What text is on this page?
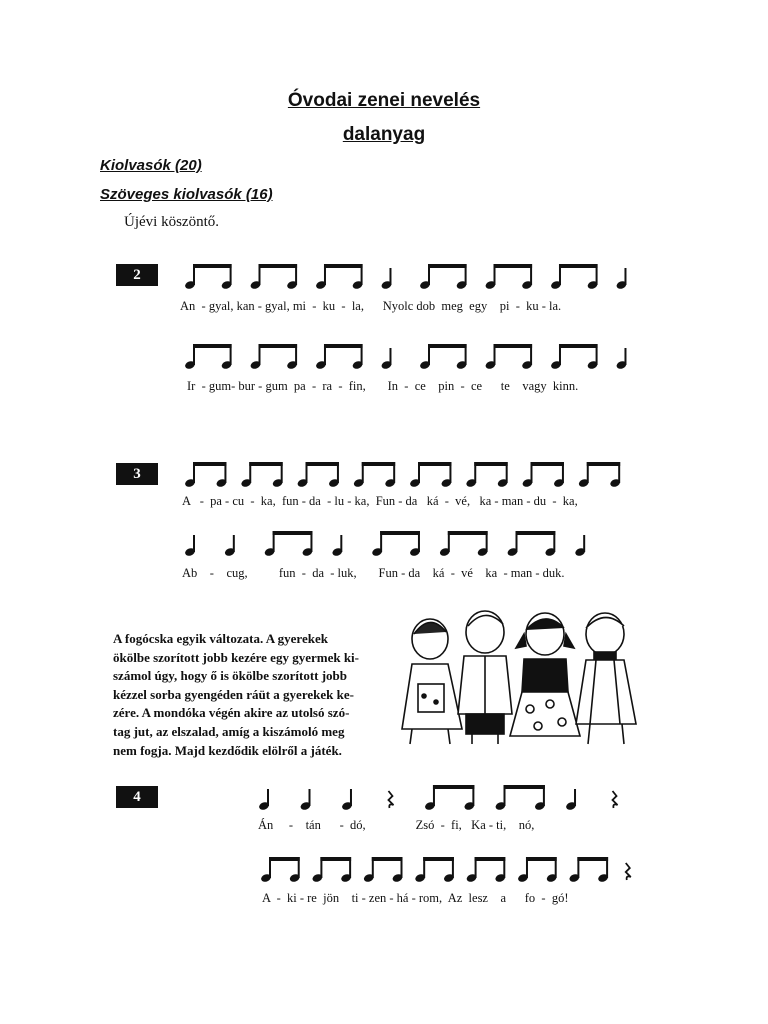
Óvodai zenei nevelés
dalanyag
Kiolvasók (20)
Szöveges kiolvasók (16)
Újévi köszöntő.
2
An  - gyal, kan - gyal, mi  -  ku  -  la,      Nyolc dob  meg  egy    pi  -  ku - la.
Ir  - gum- bur - gum  pa  -  ra  -  fin,       In  -  ce    pin  -  ce      te    vagy  kinn.
3
A   -  pa - cu  -  ka,  fun - da  - lu - ka,  Fun - da   ká  -  vé,   ka - man - du  -  ka,
Ab    -    cug,          fun  -  da  - luk,       Fun - da    ká  -  vé    ka  - man - duk.
A fogócska egyik változata. A gyerekek
ökölbe szorított jobb kezére egy gyermek ki-
számol úgy, hogy ő is ökölbe szorított jobb
kézzel sorba gyengéden ráüt a gyerekek ke-
zére. A mondóka végén akire az utolsó szó-
tag jut, az elszalad, amíg a kiszámoló meg
nem fogja. Majd kezdődik elölről a játék.
4
Án     -    tán      -  dó,                Zsó  -  fi,   Ka - ti,    nó,
A  -  ki - re  jön    ti - zen - há - rom,  Az  lesz    a      fo  -  gó!
